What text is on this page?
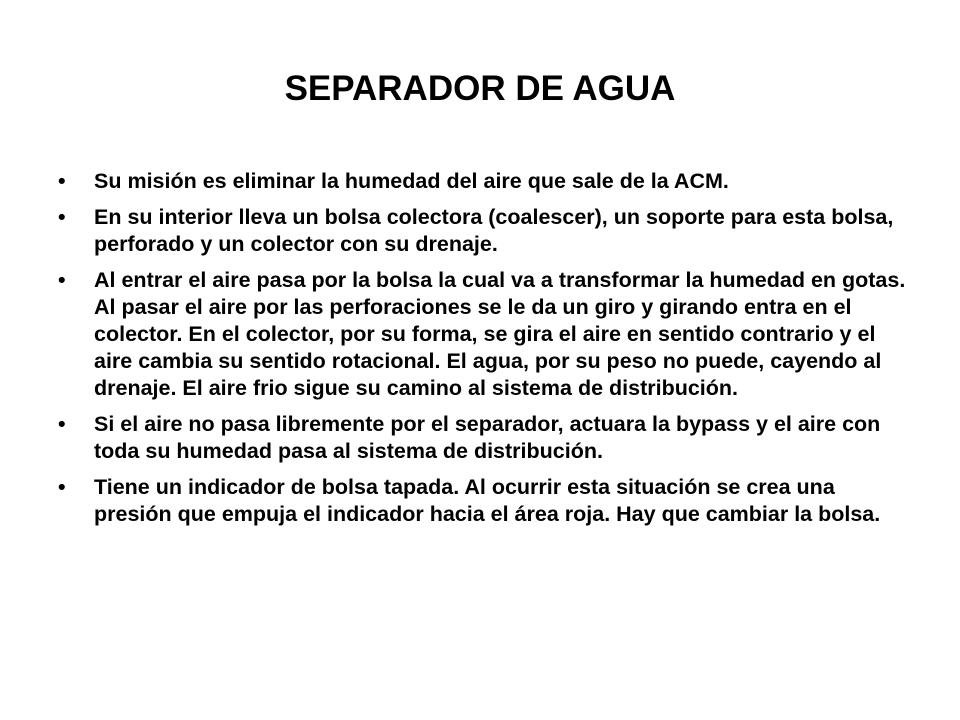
SEPARADOR DE AGUA
•	Su misión es eliminar la humedad del aire que sale de la ACM.
•	En su interior lleva un bolsa colectora (coalescer), un soporte para esta bolsa, perforado y un colector con su drenaje.
•	Al entrar el aire pasa por la bolsa la cual va a transformar la humedad en gotas. Al pasar el aire por las perforaciones se le da un giro y girando entra en el colector. En el colector, por su forma, se gira el aire en sentido contrario y el aire cambia su sentido rotacional. El agua, por su peso no puede, cayendo al drenaje. El aire frio sigue su camino al sistema de distribución.
•	Si el aire no pasa libremente por el separador, actuara la bypass y el aire con toda su humedad pasa al sistema de distribución.
•	Tiene un indicador de bolsa tapada. Al ocurrir esta situación se crea una presión que empuja el indicador hacia el área roja. Hay que cambiar la bolsa.
